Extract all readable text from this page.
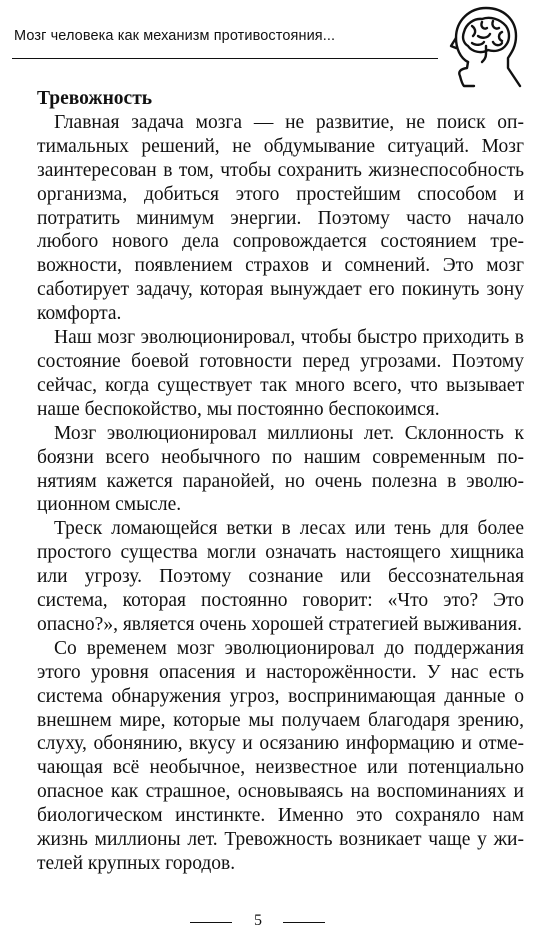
Мозг человека как механизм противостояния...
Тревожность

Главная задача мозга — не развитие, не поиск оптимальных решений, не обдумывание ситуаций. Мозг заинтересован в том, чтобы сохранить жизнеспособность организма, добиться этого простейшим способом и потратить минимум энергии. Поэтому часто начало любого нового дела сопровождается состоянием тревожности, появлением страхов и сомнений. Это мозг саботирует задачу, которая вынуждает его покинуть зону комфорта.

Наш мозг эволюционировал, чтобы быстро приходить в состояние боевой готовности перед угрозами. Поэтому сейчас, когда существует так много всего, что вызывает наше беспокойство, мы постоянно беспокоимся.

Мозг эволюционировал миллионы лет. Склонность к боязни всего необычного по нашим современным понятиям кажется паранойей, но очень полезна в эволюционном смысле.

Треск ломающейся ветки в лесах или тень для более простого существа могли означать настоящего хищника или угрозу. Поэтому сознание или бессознательная система, которая постоянно говорит: «Что это? Это опасно?», является очень хорошей стратегией выживания.

Со временем мозг эволюционировал до поддержания этого уровня опасения и насторожённости. У нас есть система обнаружения угроз, воспринимающая данные о внешнем мире, которые мы получаем благодаря зрению, слуху, обонянию, вкусу и осязанию информацию и отмечающая всё необычное, неизвестное или потенциально опасное как страшное, основываясь на воспоминаниях и биологическом инстинкте. Именно это сохраняло нам жизнь миллионы лет. Тревожность возникает чаще у жителей крупных городов.

5
